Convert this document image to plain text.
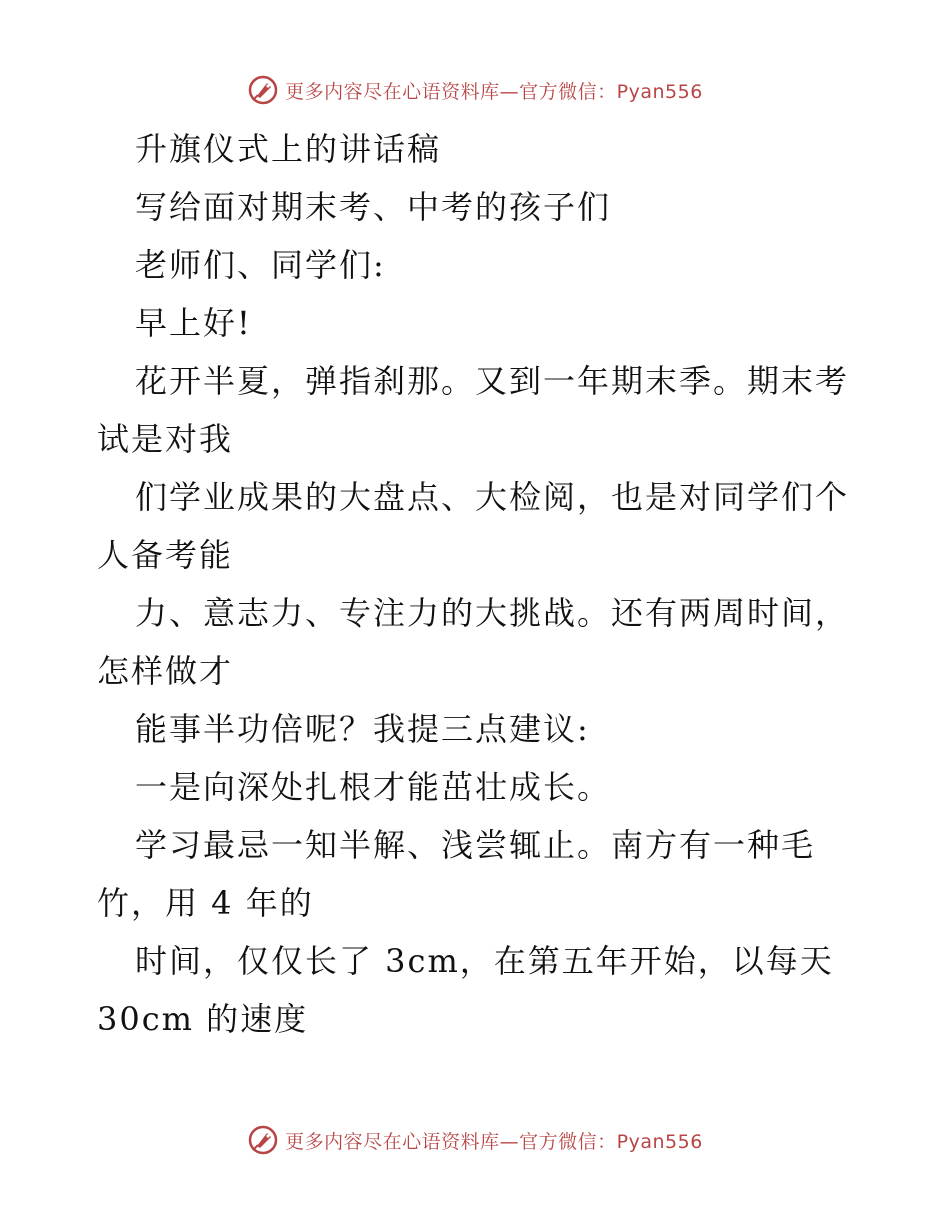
更多内容尽在心语资料库—官方微信：Pyan556
升旗仪式上的讲话稿
写给面对期末考、中考的孩子们
老师们、同学们:
早上好!
花开半夏，弹指刹那。又到一年期末季。期末考
试是对我
们学业成果的大盘点、大检阅，也是对同学们个
人备考能
力、意志力、专注力的大挑战。还有两周时间，
怎样做才
能事半功倍呢？我提三点建议:
一是向深处扎根才能茁壮成长。
学习最忌一知半解、浅尝辄止。南方有一种毛
竹，用 4 年的
时间，仅仅长了 3cm，在第五年开始，以每天
30cm 的速度
更多内容尽在心语资料库—官方微信：Pyan556
